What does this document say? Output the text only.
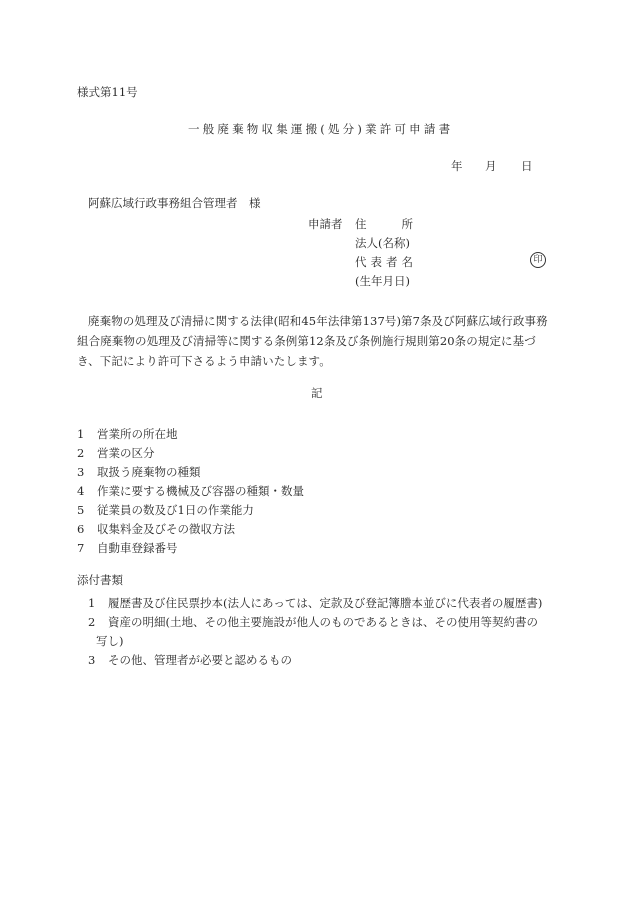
様式第11号
一般廃棄物収集運搬(処分)業許可申請書
年 月 日
阿蘇広域行政事務組合管理者　様
申請者 住	所
法人(名称)
代 表 者 名	印
(生年月日)
廃棄物の処理及び清掃に関する法律(昭和45年法律第137号)第7条及び阿蘇広域行政事務
組合廃棄物の処理及び清掃等に関する条例第12条及び条例施行規則第20条の規定に基づ
き、下記により許可下さるよう申請いたします。
記
1	営業所の所在地
2	営業の区分
3	取扱う廃棄物の種類
4	作業に要する機械及び容器の種類・数量
5	従業員の数及び1日の作業能力
6	収集料金及びその徴収方法
7	自動車登録番号
添付書類
1	履歴書及び住民票抄本(法人にあっては、定款及び登記簿謄本並びに代表者の履歴書)
2	資産の明細(土地、その他主要施設が他人のものであるときは、その使用等契約書の
写し)
3	その他、管理者が必要と認めるもの
